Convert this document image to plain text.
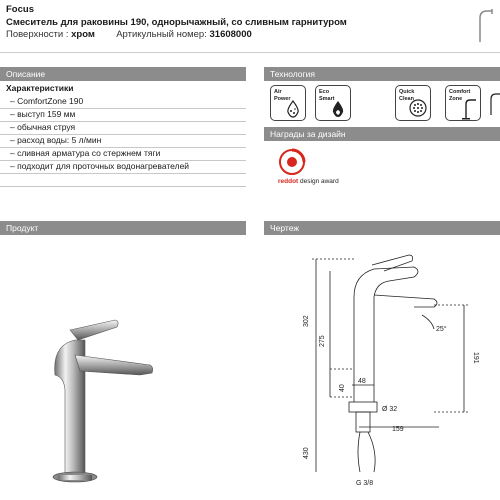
Focus
Смеситель для раковины 190, однорычажный, со сливным гарнитуром
Поверхности : хром Артикульный номер: 31608000
Описание	Технология
Награды за дизайн
Продукт	Чертеж
Характеристики
– ComfortZone 190
– выступ 159 мм
– обычная струя
– расход воды: 5 л/мин
– сливная арматура со стержнем тяги
– подходит для проточных водонагревателей
Air
Power
Eco
Smart
Quick
Clean
Comfort
Zone
reddot design award
302
275
40
191
25°
48
Ø 32
430
159
G 3/8
